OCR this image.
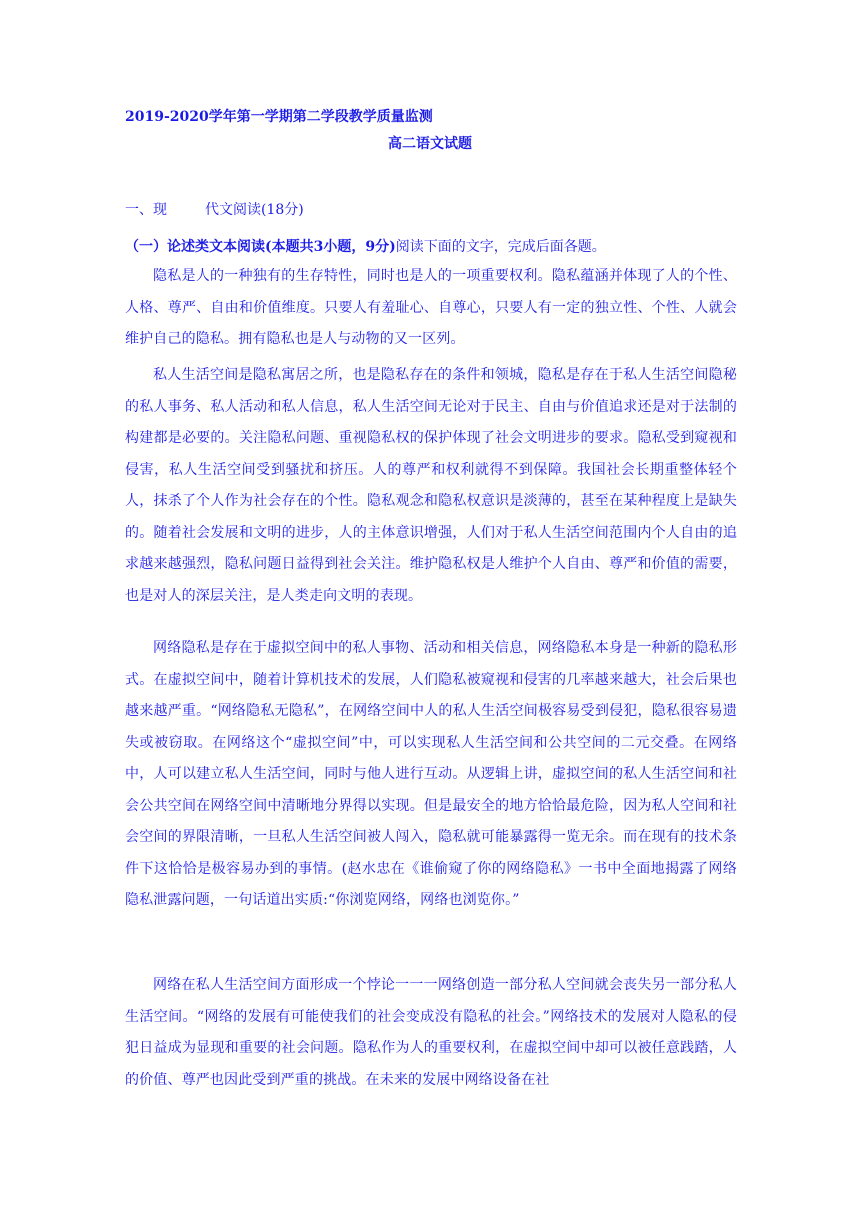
2019-2020学年第一学期第二学段教学质量监测
高二语文试题
一、现	代文阅读(18分)
（一）论述类文本阅读(本题共3小题，9分)阅读下面的文字，完成后面各题。

隐私是人的一种独有的生存特性，同时也是人的一项重要权利。隐私蕴涵并体现了人的个性、人格、尊严、自由和价值维度。只要人有羞耻心、自尊心，只要人有一定的独立性、个性、人就会维护自己的隐私。拥有隐私也是人与动物的又一区列。

私人生活空间是隐私寓居之所，也是隐私存在的条件和领城，隐私是存在于私人生活空间隐秘的私人事务、私人活动和私人信息，私人生活空间无论对于民主、自由与价值追求还是对于法制的构建都是必要的。关注隐私问题、重视隐私权的保护体现了社会文明进步的要求。隐私受到窥视和侵害，私人生活空间受到骚扰和挤压。人的尊严和权利就得不到保障。我国社会长期重整体轻个人，抹杀了个人作为社会存在的个性。隐私观念和隐私权意识是淡薄的，甚至在某种程度上是缺失的。随着社会发展和文明的进步，人的主体意识增强，人们对于私人生活空间范围内个人自由的追求越来越强烈，隐私问题日益得到社会关注。维护隐私权是人维护个人自由、尊严和价值的需要，也是对人的深层关注，是人类走向文明的表现。

网络隐私是存在于虚拟空间中的私人事物、活动和相关信息，网络隐私本身是一种新的隐私形式。在虚拟空间中，随着计算机技术的发展，人们隐私被窥视和侵害的几率越来越大，社会后果也越来越严重。“网络隐私无隐私”，在网络空间中人的私人生活空间极容易受到侵犯，隐私很容易遗失或被窃取。在网络这个“虚拟空间”中，可以实现私人生活空间和公共空间的二元交叠。在网络中，人可以建立私人生活空间，同时与他人进行互动。从逻辑上讲，虚拟空间的私人生活空间和社会公共空间在网络空间中清晰地分界得以实现。但是最安全的地方恰恰最危险，因为私人空间和社会空间的界限清晰，一旦私人生活空间被人闯入，隐私就可能暴露得一览无余。而在现有的技术条件下这恰恰是极容易办到的事情。(赵水忠在《谁偷窥了你的网络隐私》一书中全面地揭露了网络隐私泄露问题，一句话道出实质:“你浏览网络，网络也浏览你。”

网络在私人生活空间方面形成一个悖论一一一网络创造一部分私人空间就会丧失另一部分私人生活空间。“网络的发展有可能使我们的社会变成没有隐私的社会。”网络技术的发展对人隐私的侵犯日益成为显现和重要的社会问题。隐私作为人的重要权利，在虚拟空间中却可以被任意践踏，人的价值、尊严也因此受到严重的挑战。在未来的发展中网络设备在社
